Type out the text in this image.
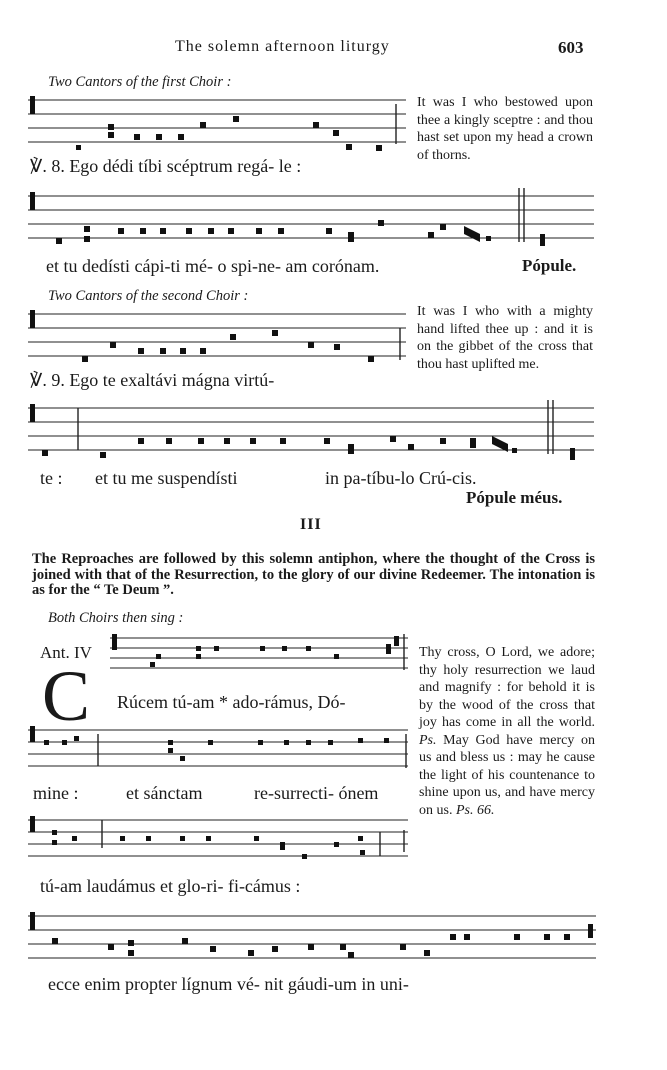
The solemn afternoon liturgy	603
Two Cantors of the first Choir :
℣. 8. Ego dédi tíbi scéptrum regá- le :
It was I who bestowed upon thee a kingly sceptre : and thou hast set upon my head a crown of thorns.
et tu dedísti cápi-ti mé- o spi-ne- am corónam.	Pópule.
Two Cantors of the second Choir :
℣. 9. Ego te exaltávi mágna virtú-
It was I who with a mighty hand lifted thee up : and it is on the gibbet of the cross that thou hast uplifted me.
te : et tu me suspendísti	in pa-tíbu-lo Crú-cis.
Pópule méus.
III
The Reproaches are followed by this solemn antiphon, where the thought of the Cross is joined with that of the Resurrection, to the glory of our divine Redeemer. The intonation is as for the “ Te Deum ”.
Both Choirs then sing :
Ant. IV
C Rúcem tú-am * ado-rámus, Dó-
Thy cross, O Lord, we adore; thy holy resurrection we laud and magnify : for behold it is by the wood of the cross that joy has come in all the world. Ps. May God have mercy on us and bless us : may he cause the light of his countenance to shine upon us, and have mercy on us. Ps. 66.
mine :	et sánctam	re-surrecti- ónem
tú-am laudámus et glo-ri- fi-cámus :
ecce enim propter lígnum vé- nit gáudi-um in uni-
